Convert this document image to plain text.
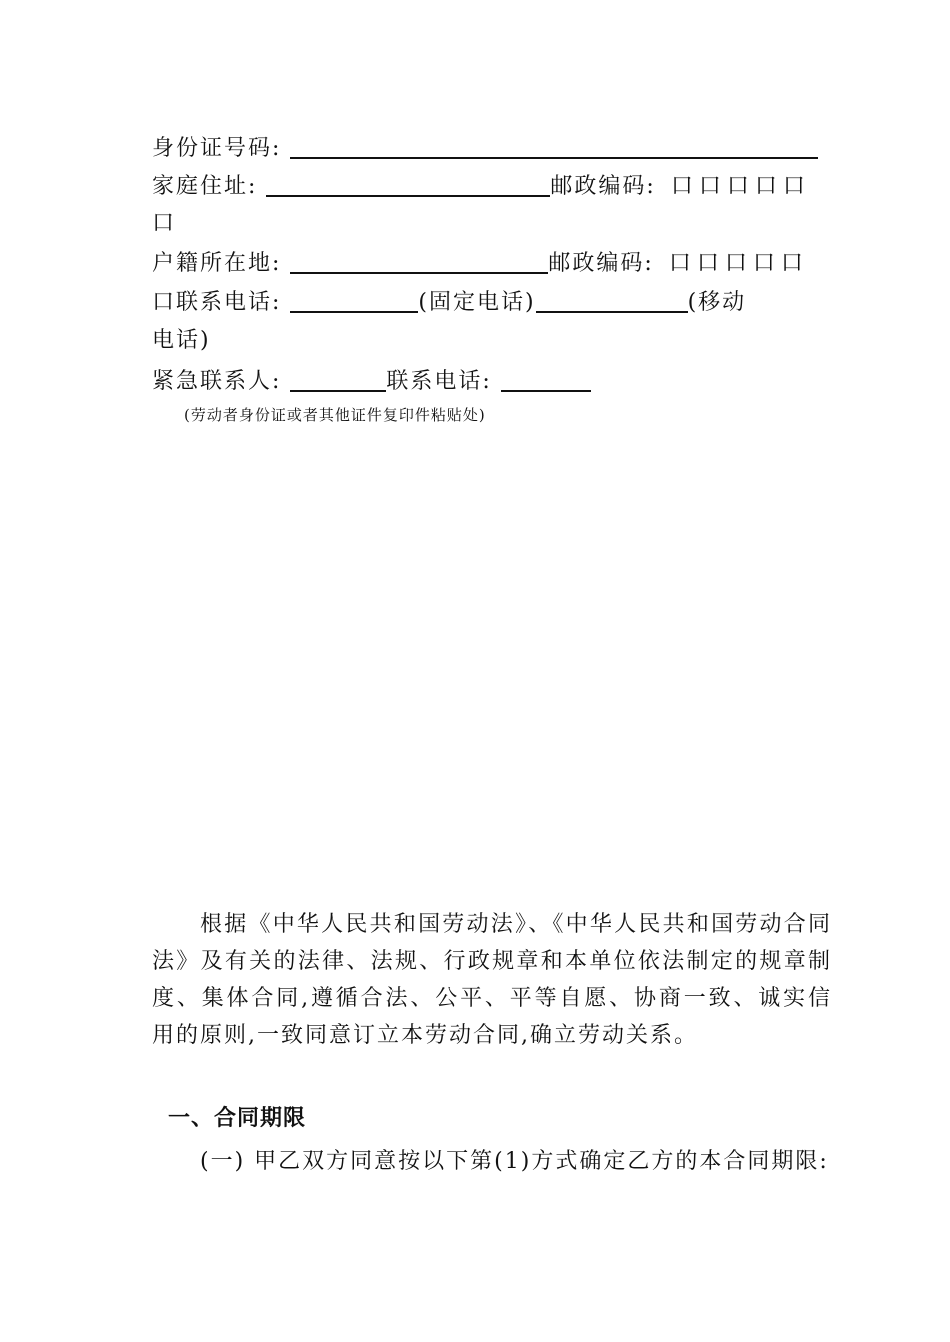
身份证号码:
家庭住址:	邮政编码: 口口口口口
口
户籍所在地:	邮政编码: 口口口口口
口联系电话:	(固定电话)	(移动
电话)
紧急联系人:	联系电话:
(劳动者身份证或者其他证件复印件粘贴处)
根据《中华人民共和国劳动法》、《中华人民共和国劳动合同法》及有关的法律、法规、行政规章和本单位依法制定的规章制度、集体合同,遵循合法、公平、平等自愿、协商一致、诚实信用的原则,一致同意订立本劳动合同,确立劳动关系。
一、合同期限
(一) 甲乙双方同意按以下第(1)方式确定乙方的本合同期限:
